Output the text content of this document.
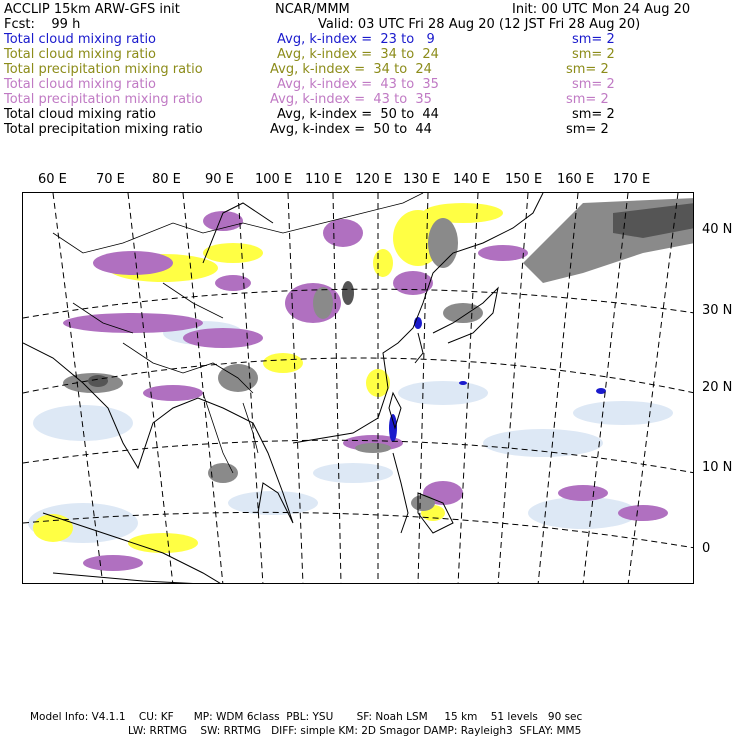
ACCLIP 15km ARW-GFS init	NCAR/MMM	Init: 00 UTC Mon 24 Aug 20
Fcst:    99 h	Valid: 03 UTC Fri 28 Aug 20 (12 JST Fri 28 Aug 20)
Total cloud mixing ratio	Avg, k-index =  23 to   9	sm= 2
Total cloud mixing ratio	Avg, k-index =  34 to  24	sm= 2
Total precipitation mixing ratio	Avg, k-index =  34 to  24	sm= 2
Total cloud mixing ratio	Avg, k-index =  43 to  35	sm= 2
Total precipitation mixing ratio	Avg, k-index =  43 to  35	sm= 2
Total cloud mixing ratio	Avg, k-index =  50 to  44	sm= 2
Total precipitation mixing ratio	Avg, k-index =  50 to  44	sm= 2
60 E 70 E 80 E 90 E 100 E 110 E 120 E 130 E 140 E 150 E 160 E 170 E
40 N
30 N
20 N
10 N
0
Model Info: V4.1.1    CU: KF      MP: WDM 6class  PBL: YSU       SF: Noah LSM     15 km    51 levels   90 sec
LW: RRTMG    SW: RRTMG   DIFF: simple KM: 2D Smagor DAMP: Rayleigh3  SFLAY: MM5
